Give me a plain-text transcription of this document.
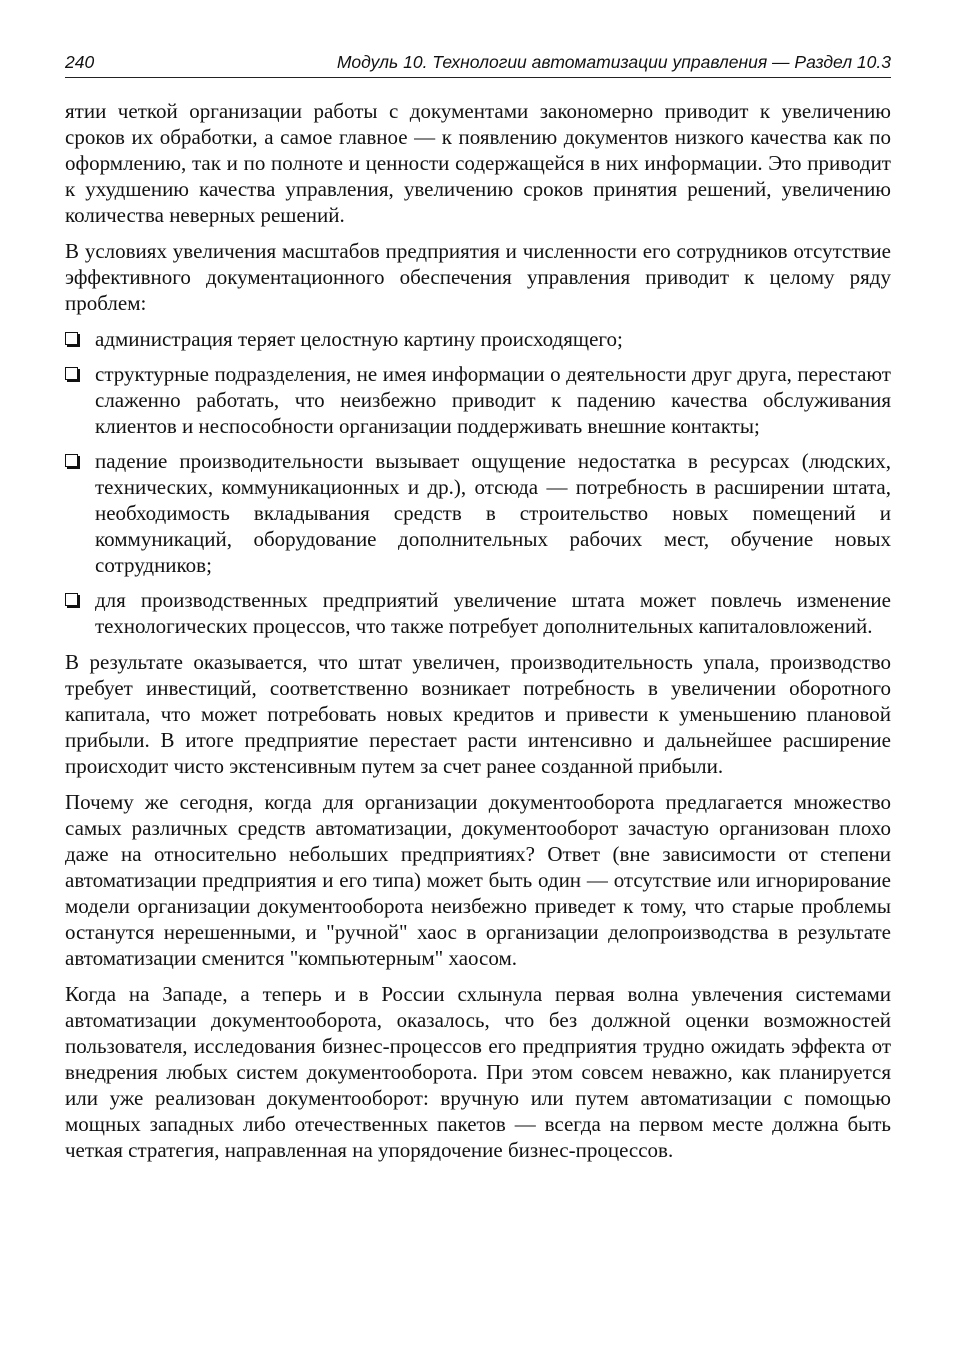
240	Модуль 10. Технологии автоматизации управления — Раздел 10.3

ятии четкой организации работы с документами закономерно приводит к увеличению сроков их обработки, а самое главное — к появлению документов низкого качества как по оформлению, так и по полноте и ценности содержащейся в них информации. Это приводит к ухудшению качества управления, увеличению сроков принятия решений, увеличению количества неверных решений.

В условиях увеличения масштабов предприятия и численности его сотрудников отсутствие эффективного документационного обеспечения управления приводит к целому ряду проблем:

администрация теряет целостную картину происходящего;
структурные подразделения, не имея информации о деятельности друг друга, перестают слаженно работать, что неизбежно приводит к падению качества обслуживания клиентов и неспособности организации поддерживать внешние контакты;
падение производительности вызывает ощущение недостатка в ресурсах (людских, технических, коммуникационных и др.), отсюда — потребность в расширении штата, необходимость вкладывания средств в строительство новых помещений и коммуникаций, оборудование дополнительных рабочих мест, обучение новых сотрудников;
для производственных предприятий увеличение штата может повлечь изменение технологических процессов, что также потребует дополнительных капиталовложений.

В результате оказывается, что штат увеличен, производительность упала, производство требует инвестиций, соответственно возникает потребность в увеличении оборотного капитала, что может потребовать новых кредитов и привести к уменьшению плановой прибыли. В итоге предприятие перестает расти интенсивно и дальнейшее расширение происходит чисто экстенсивным путем за счет ранее созданной прибыли.

Почему же сегодня, когда для организации документооборота предлагается множество самых различных средств автоматизации, документооборот зачастую организован плохо даже на относительно небольших предприятиях? Ответ (вне зависимости от степени автоматизации предприятия и его типа) может быть один — отсутствие или игнорирование модели организации документооборота неизбежно приведет к тому, что старые проблемы останутся нерешенными, и "ручной" хаос в организации делопроизводства в результате автоматизации сменится "компьютерным" хаосом.

Когда на Западе, а теперь и в России схлынула первая волна увлечения системами автоматизации документооборота, оказалось, что без должной оценки возможностей пользователя, исследования бизнес-процессов его предприятия трудно ожидать эффекта от внедрения любых систем документооборота. При этом совсем неважно, как планируется или уже реализован документооборот: вручную или путем автоматизации с помощью мощных западных либо отечественных пакетов — всегда на первом месте должна быть четкая стратегия, направленная на упорядочение бизнес-процессов.
